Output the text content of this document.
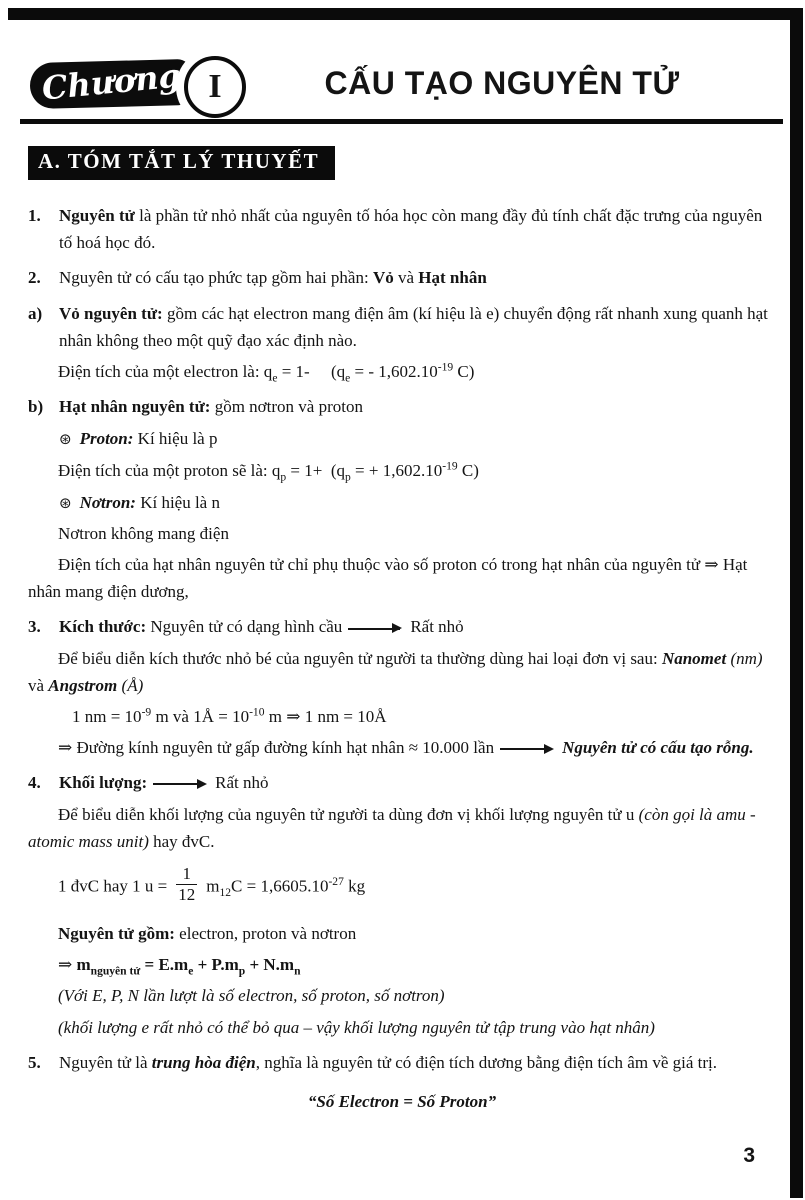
Chương I	CẤU TẠO NGUYÊN TỬ
A. TÓM TẮT LÝ THUYẾT
1. Nguyên tử là phần tử nhỏ nhất của nguyên tố hóa học còn mang đầy đủ tính chất đặc trưng của nguyên tố hoá học đó.
2. Nguyên tử có cấu tạo phức tạp gồm hai phần: Vỏ và Hạt nhân
a) Vỏ nguyên tử: gồm các hạt electron mang điện âm (kí hiệu là e) chuyển động rất nhanh xung quanh hạt nhân không theo một quỹ đạo xác định nào.
Điện tích của một electron là: $q_e = 1-$     ($q_e$ = - $1,602.10^{-19}$ C)
b) Hạt nhân nguyên tử: gồm nơtron và proton
⊛ Proton: Kí hiệu là p
Điện tích của một proton sẽ là: $q_p = 1+ (q_p$ = + $1,602.10^{-19}$ C)
⊛ Nơtron: Kí hiệu là n
Nơtron không mang điện
Điện tích của hạt nhân nguyên tử chỉ phụ thuộc vào số proton có trong hạt nhân của nguyên tử ⇒ Hạt nhân mang điện dương,
3. Kích thước: Nguyên tử có dạng hình cầu	Rất nhỏ
Để biểu diễn kích thước nhỏ bé của nguyên tử người ta thường dùng hai loại đơn vị sau: Nanomet (nm) và Angstrom (Å)
1 nm = $10^{-9}$ m và 1Å = $10^{-10}$ m ⇒ 1 nm = 10Å
⇒ Đường kính nguyên tử gấp đường kính hạt nhân ≈ 10.000 lần	Nguyên tử có cấu tạo rỗng.
4. Khối lượng:	Rất nhỏ
Để biểu diễn khối lượng của nguyên tử người ta dùng đơn vị khối lượng nguyên tử u (còn gọi là amu - atomic mass unit) hay đvC.
1 đvC hay 1 $u = \frac{1}{12} m_{12}C = 1,6605.10^{-27}$ kg
Nguyên tử gồm: electron, proton và nơtron
⇒ $m_{nguyên tử} = E.m_e + P.m_p + N.m_n$
(Với E, P, N lần lượt là số electron, số proton, số nơtron)
(khối lượng e rất nhỏ có thể bỏ qua – vậy khối lượng nguyên tử tập trung vào hạt nhân)
5. Nguyên tử là trung hòa điện, nghĩa là nguyên tử có điện tích dương bằng điện tích âm về giá trị.
“Số Electron = Số Proton”
3
